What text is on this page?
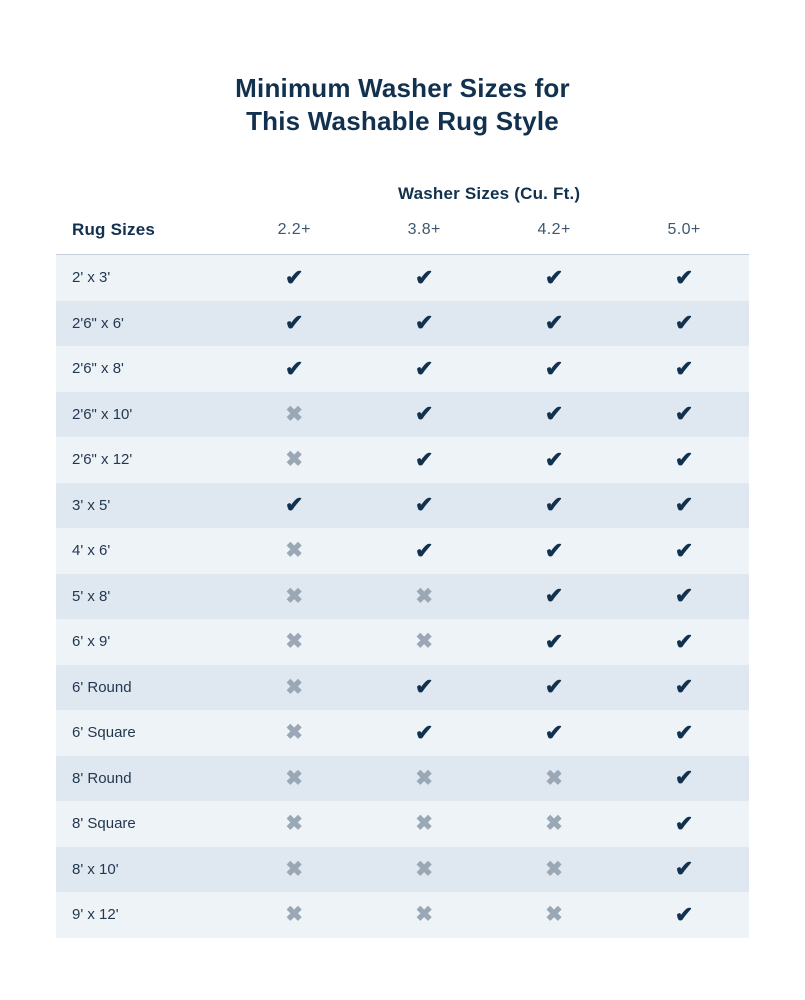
Minimum Washer Sizes for
This Washable Rug Style
	Washer Sizes (Cu. Ft.)			
Rug Sizes	2.2+	3.8+	4.2+	5.0+
2' x 3'	✔	✔	✔	✔
2'6" x 6'	✔	✔	✔	✔
2'6" x 8'	✔	✔	✔	✔
2'6" x 10'	✖	✔	✔	✔
2'6" x 12'	✖	✔	✔	✔
3' x 5'	✔	✔	✔	✔
4' x 6'	✖	✔	✔	✔
5' x 8'	✖	✖	✔	✔
6' x 9'	✖	✖	✔	✔
6' Round	✖	✔	✔	✔
6' Square	✖	✔	✔	✔
8' Round	✖	✖	✖	✔
8' Square	✖	✖	✖	✔
8' x 10'	✖	✖	✖	✔
9' x 12'	✖	✖	✖	✔
